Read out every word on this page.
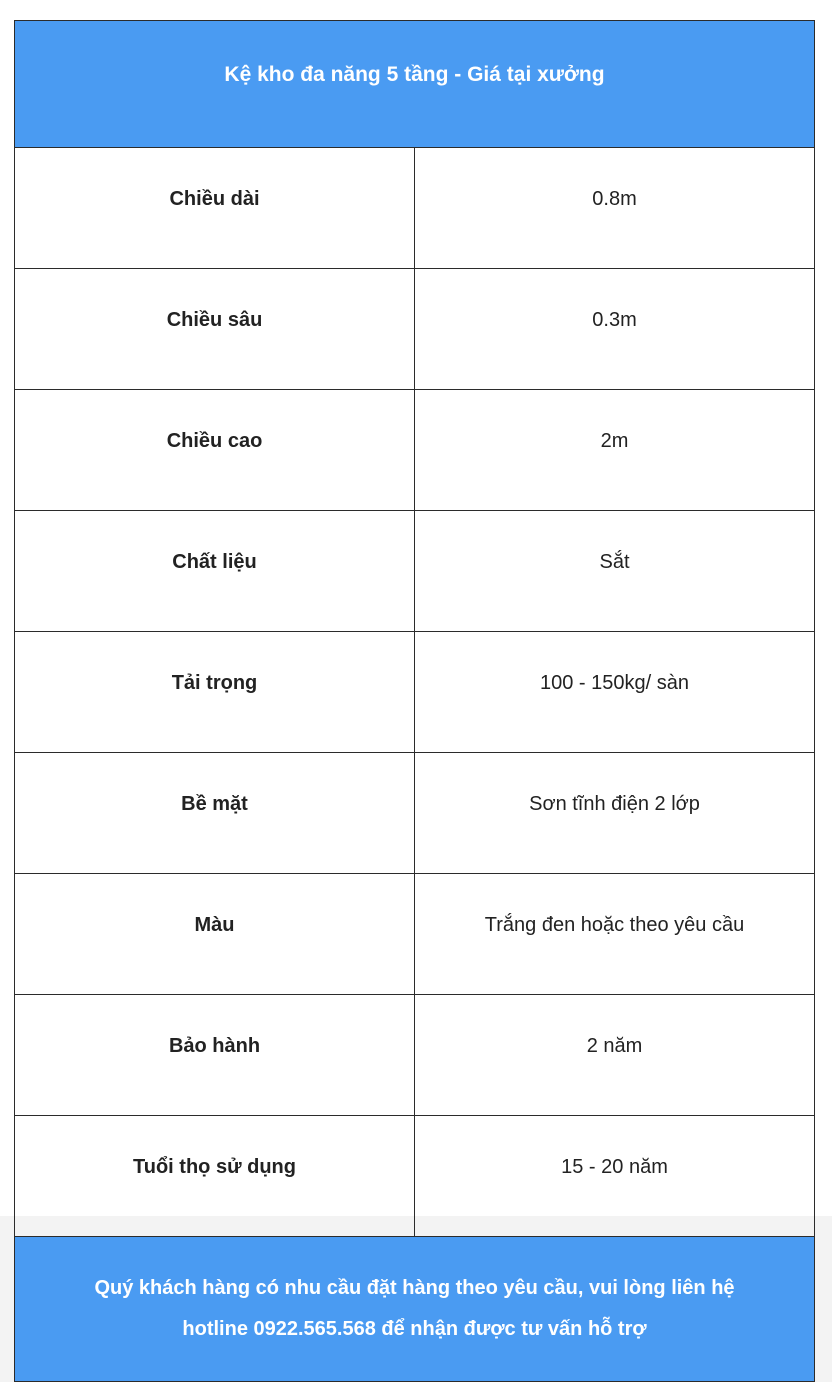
Kệ kho đa năng 5 tầng - Giá tại xưởng	
Chiều dài	0.8m
Chiều sâu	0.3m
Chiều cao	2m
Chất liệu	Sắt
Tải trọng	100 - 150kg/ sàn
Bề mặt	Sơn tĩnh điện 2 lớp
Màu	Trắng đen hoặc theo yêu cầu
Bảo hành	2 năm
Tuổi thọ sử dụng	15 - 20 năm

Quý khách hàng có nhu cầu đặt hàng theo yêu cầu, vui lòng liên hệ
hotline 0922.565.568 để nhận được tư vấn hỗ trợ	
